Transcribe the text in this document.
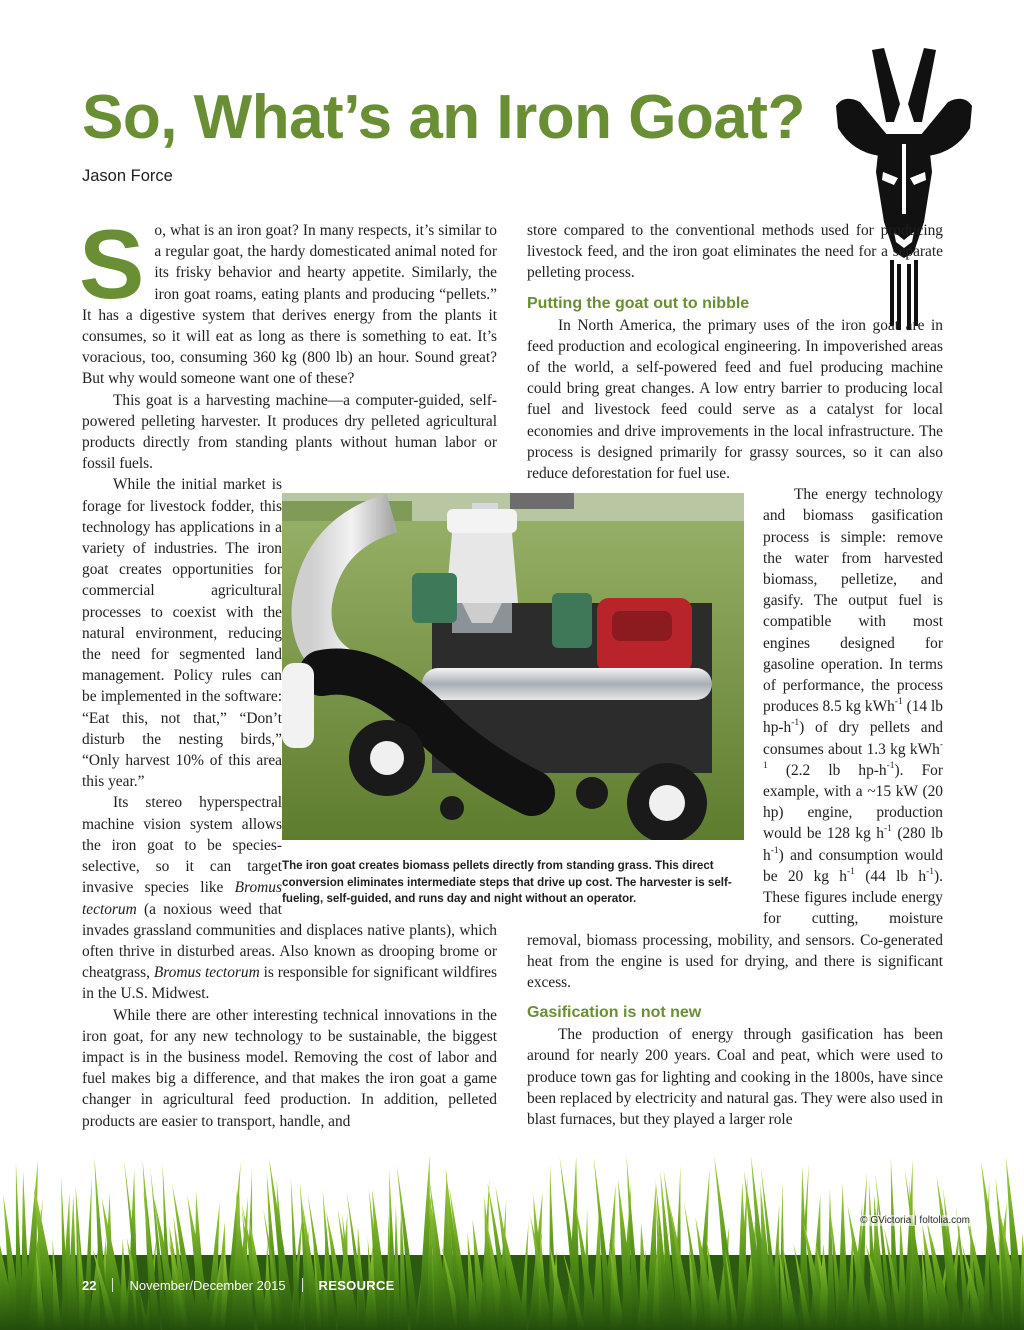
So, What’s an Iron Goat?
Jason Force

So, what is an iron goat? In many respects, it’s similar to a regular goat, the hardy domesticated animal noted for its frisky behavior and hearty appetite. Similarly, the iron goat roams, eating plants and producing “pellets.” It has a digestive system that derives energy from the plants it consumes, so it will eat as long as there is something to eat. It’s voracious, too, consuming 360 kg (800 lb) an hour. Sound great? But why would someone want one of these?

This goat is a harvesting machine—a computer-guided, self-powered pelleting harvester. It produces dry pelleted agricultural products directly from standing plants without human labor or fossil fuels.

While the initial market is forage for livestock fodder, this technology has applications in a variety of industries. The iron goat creates opportunities for commercial agricultural processes to coexist with the natural environment, reducing the need for segmented land management. Policy rules can be implemented in the software: “Eat this, not that,” “Don’t disturb the nesting birds,” “Only harvest 10% of this area this year.”

Its stereo hyperspectral machine vision system allows the iron goat to be species-selective, so it can target invasive species like Bromus tectorum (a noxious weed that invades grassland communities and displaces native plants), which often thrive in disturbed areas. Also known as drooping brome or cheatgrass, Bromus tectorum is responsible for significant wildfires in the U.S. Midwest.

While there are other interesting technical innovations in the iron goat, for any new technology to be sustainable, the biggest impact is in the business model. Removing the cost of labor and fuel makes big a difference, and that makes the iron goat a game changer in agricultural feed production. In addition, pelleted products are easier to transport, handle, and

store compared to the conventional methods used for producing livestock feed, and the iron goat eliminates the need for a separate pelleting process.

Putting the goat out to nibble

In North America, the primary uses of the iron goat are in feed production and ecological engineering. In impoverished areas of the world, a self-powered feed and fuel producing machine could bring great changes. A low entry barrier to producing local fuel and livestock feed could serve as a catalyst for local economies and drive improvements in the local infrastructure. The process is designed primarily for grassy sources, so it can also reduce deforestation for fuel use.

The energy technology and biomass gasification process is simple: remove the water from harvested biomass, pelletize, and gasify. The output fuel is compatible with most engines designed for gasoline operation. In terms of performance, the process produces 8.5 kg kWh$^{-1}$ (14 lb $hp-h^{-1}$) of dry pellets and consumes about 1.3 kg kWh$^{-1}$ (2.2 lb $hp-h^{-1}$). For example, with a ~15 kW (20 hp) engine, production would be 128 kg $h^{-1}$ (280 lb $h^{-1}$) and consumption would be 20 kg $h^{-1}$ (44 lb $h^{-1}$). These figures include energy for cutting, moisture removal, biomass processing, mobility, and sensors. Co-generated heat from the engine is used for drying, and there is significant excess.

Gasification is not new

The production of energy through gasification has been around for nearly 200 years. Coal and peat, which were used to produce town gas for lighting and cooking in the 1800s, have since been replaced by electricity and natural gas. They were also used in blast furnaces, but they played a larger role

The iron goat creates biomass pellets directly from standing grass. This direct conversion eliminates intermediate steps that drive up cost. The harvester is self-fueling, self-guided, and runs day and night without an operator.
© GVictoria | foltolia.com
22	November/December 2015	RESOURCE
